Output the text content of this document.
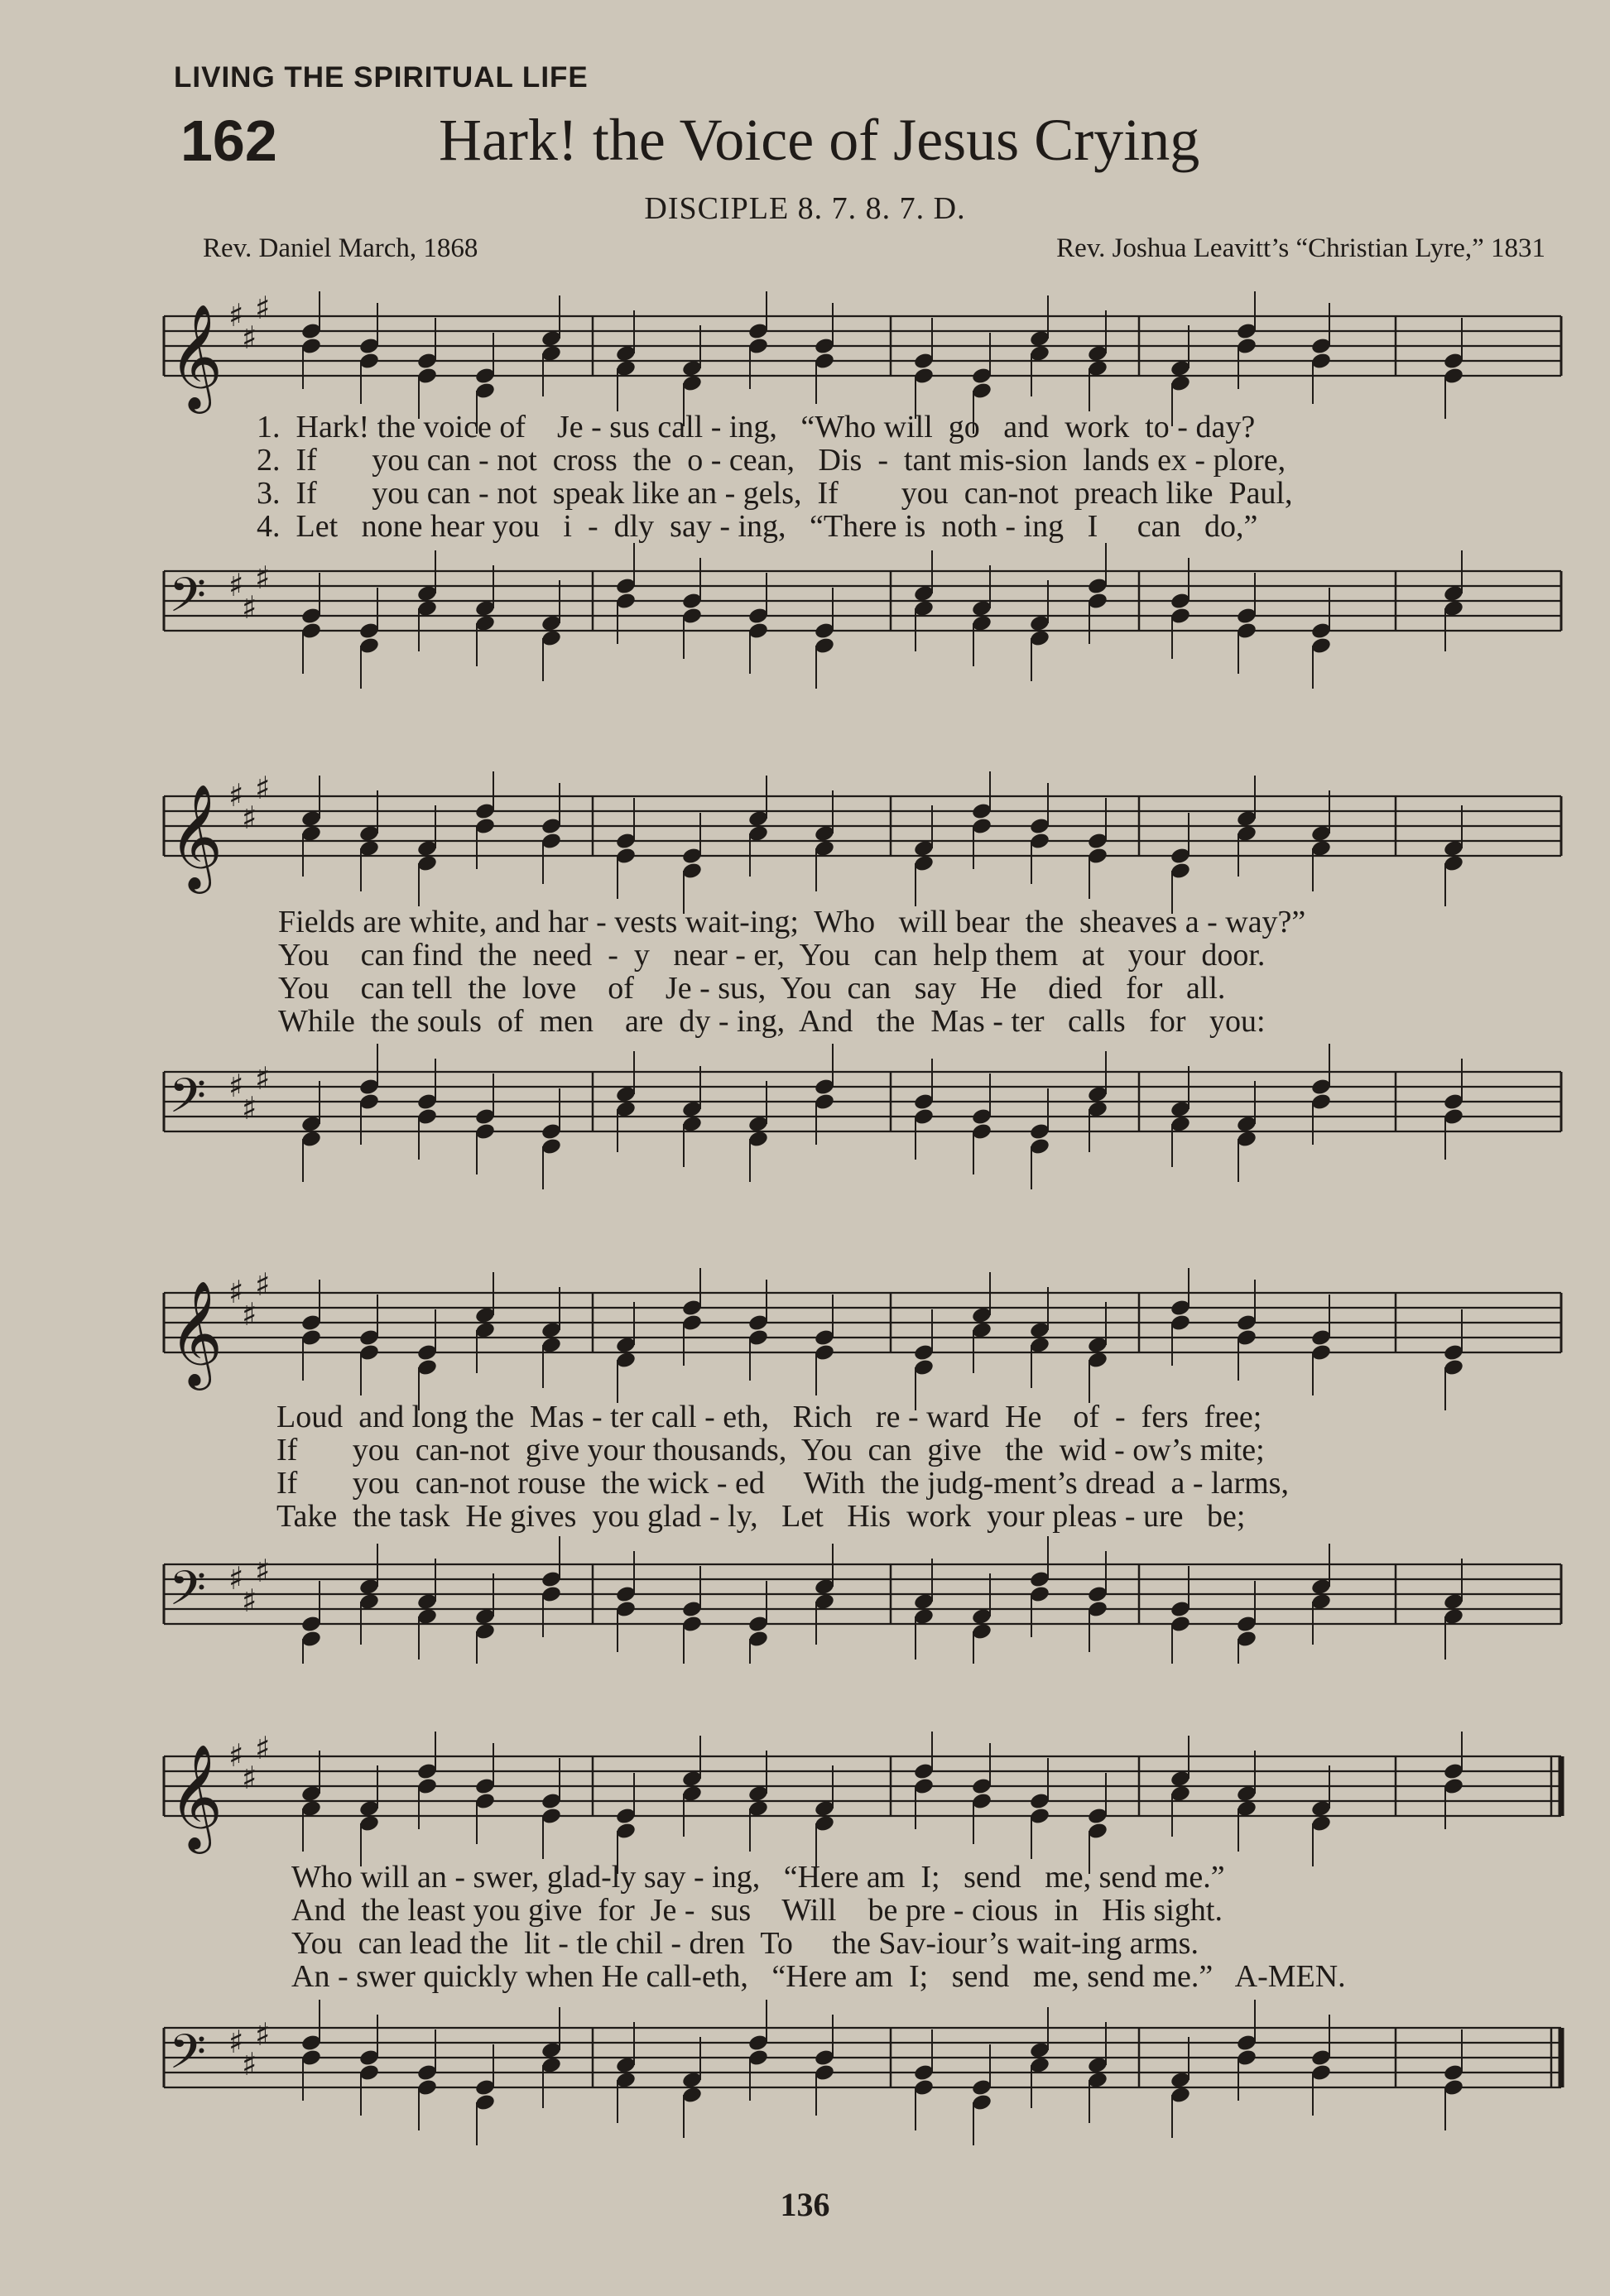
LIVING THE SPIRITUAL LIFE
162	Hark! the Voice of Jesus Crying
DISCIPLE 8. 7. 8. 7. D.
Rev. Daniel March, 1868	Rev. Joshua Leavitt’s “Christian Lyre,” 1831
𝄞 ♯
♯
♯
1.  Hark! the voice of    Je - sus call - ing,   “Who will  go   and  work  to - day?
2.  If       you can - not  cross  the  o - cean,   Dis  -  tant mis-sion  lands ex - plore,
3.  If       you can - not  speak like an - gels,  If        you  can-not  preach like  Paul,
4.  Let   none hear you   i  -  dly  say - ing,   “There is  noth - ing   I     can   do,”
𝄢 ♯
♯
♯
𝄞 ♯
♯
♯
Fields are white, and har - vests wait-ing;  Who   will bear  the  sheaves a - way?”
You    can find  the  need  -  y   near - er,  You   can  help them   at   your  door.
You    can tell  the  love    of    Je - sus,  You  can   say   He    died   for   all.
While  the souls  of  men    are  dy - ing,  And   the  Mas - ter   calls   for   you:
𝄢 ♯
♯
♯
𝄞 ♯
♯
♯
Loud  and long the  Mas - ter call - eth,   Rich   re - ward  He    of  -  fers  free;
If       you  can-not  give your thousands,  You  can  give   the  wid - ow’s mite;
If       you  can-not rouse  the wick - ed     With  the judg-ment’s dread  a - larms,
Take  the task  He gives  you glad - ly,   Let   His  work  your pleas - ure   be;
𝄢 ♯
♯
♯
𝄞 ♯
♯
♯
Who will an - swer, glad-ly say - ing,   “Here am  I;   send   me, send me.”
And  the least you give  for  Je -  sus    Will    be pre - cious  in   His sight.
You  can lead the  lit - tle chil - dren  To     the Sav-iour’s wait-ing arms.
An - swer quickly when He call-eth,   “Here am  I;   send   me, send me.”   A-MEN.
𝄢 ♯
♯
♯
136
